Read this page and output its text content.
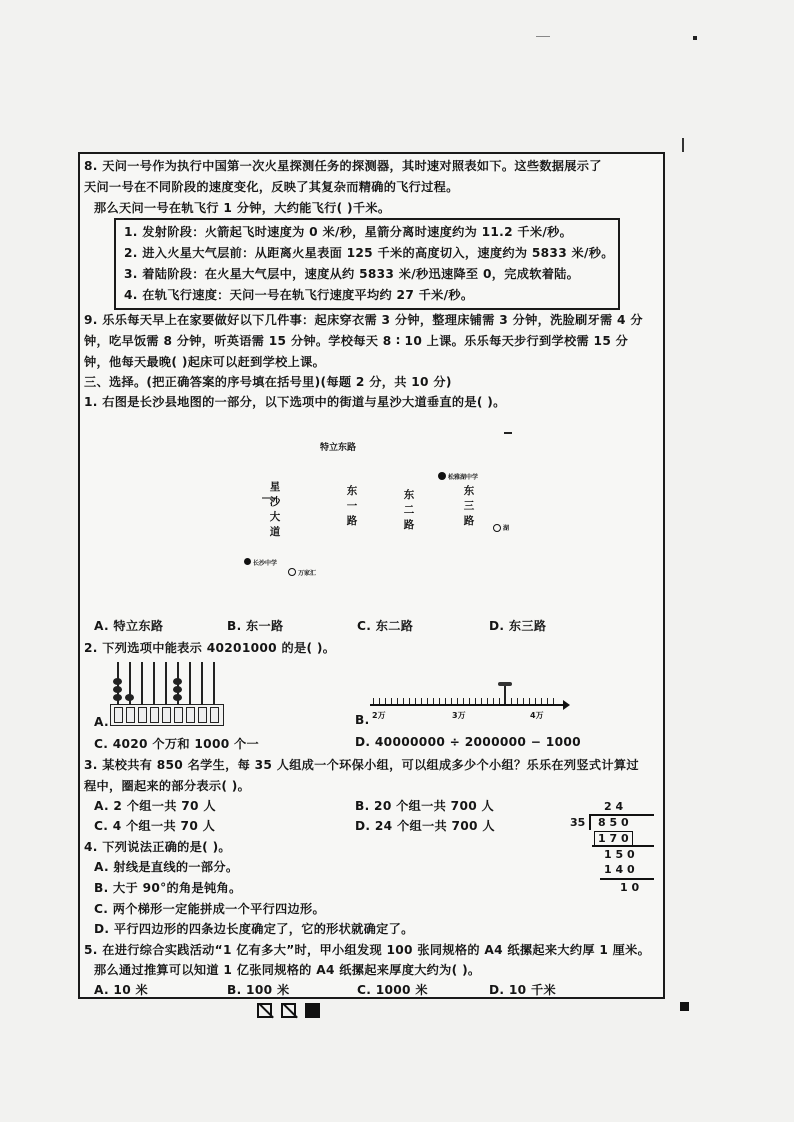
8. 天问一号作为执行中国第一次火星探测任务的探测器，其时速对照表如下。这些数据展示了
天问一号在不同阶段的速度变化，反映了其复杂而精确的飞行过程。
那么天问一号在轨飞行 1 分钟，大约能飞行( )千米。
1. 发射阶段：火箭起飞时速度为 0 米/秒，星箭分离时速度约为 11.2 千米/秒。
2. 进入火星大气层前：从距离火星表面 125 千米的高度切入，速度约为 5833 米/秒。
3. 着陆阶段：在火星大气层中，速度从约 5833 米/秒迅速降至 0，完成软着陆。
4. 在轨飞行速度：天问一号在轨飞行速度平均约 27 千米/秒。
9. 乐乐每天早上在家要做好以下几件事：起床穿衣需 3 分钟，整理床铺需 3 分钟，洗脸刷牙需 4 分
钟，吃早饭需 8 分钟，听英语需 15 分钟。学校每天 8 ∶ 10 上课。乐乐每天步行到学校需 15 分
钟，他每天最晚( )起床可以赶到学校上课。
三、选择。(把正确答案的序号填在括号里)(每题 2 分，共 10 分)
1. 右图是长沙县地图的一部分，以下选项中的街道与星沙大道垂直的是( )。
特立东路
星沙大道
东一路
东二路
东三路
松雅湖中学
湖
长沙中学
万家汇
A. 特立东路	B. 东一路	C. 东二路	D. 东三路
2. 下列选项中能表示 40201000 的是( )。
A.	B. 2万	3万	4万
C. 4020 个万和 1000 个一	D. 40000000 ÷ 2000000 − 1000
3. 某校共有 850 名学生，每 35 人组成一个环保小组，可以组成多少个小组？乐乐在列竖式计算过
程中，圈起来的部分表示( )。
2 4
35 8 5 0
1 7 0
1 5 0
1 4 0
1 0
A. 2 个组一共 70 人	B. 20 个组一共 700 人
C. 4 个组一共 70 人	D. 24 个组一共 700 人
4. 下列说法正确的是( )。
A. 射线是直线的一部分。
B. 大于 90°的角是钝角。
C. 两个梯形一定能拼成一个平行四边形。
D. 平行四边形的四条边长度确定了，它的形状就确定了。
5. 在进行综合实践活动“1 亿有多大”时，甲小组发现 100 张同规格的 A4 纸摞起来大约厚 1 厘米。
那么通过推算可以知道 1 亿张同规格的 A4 纸摞起来厚度大约为( )。
A. 10 米	B. 100 米	C. 1000 米	D. 10 千米
